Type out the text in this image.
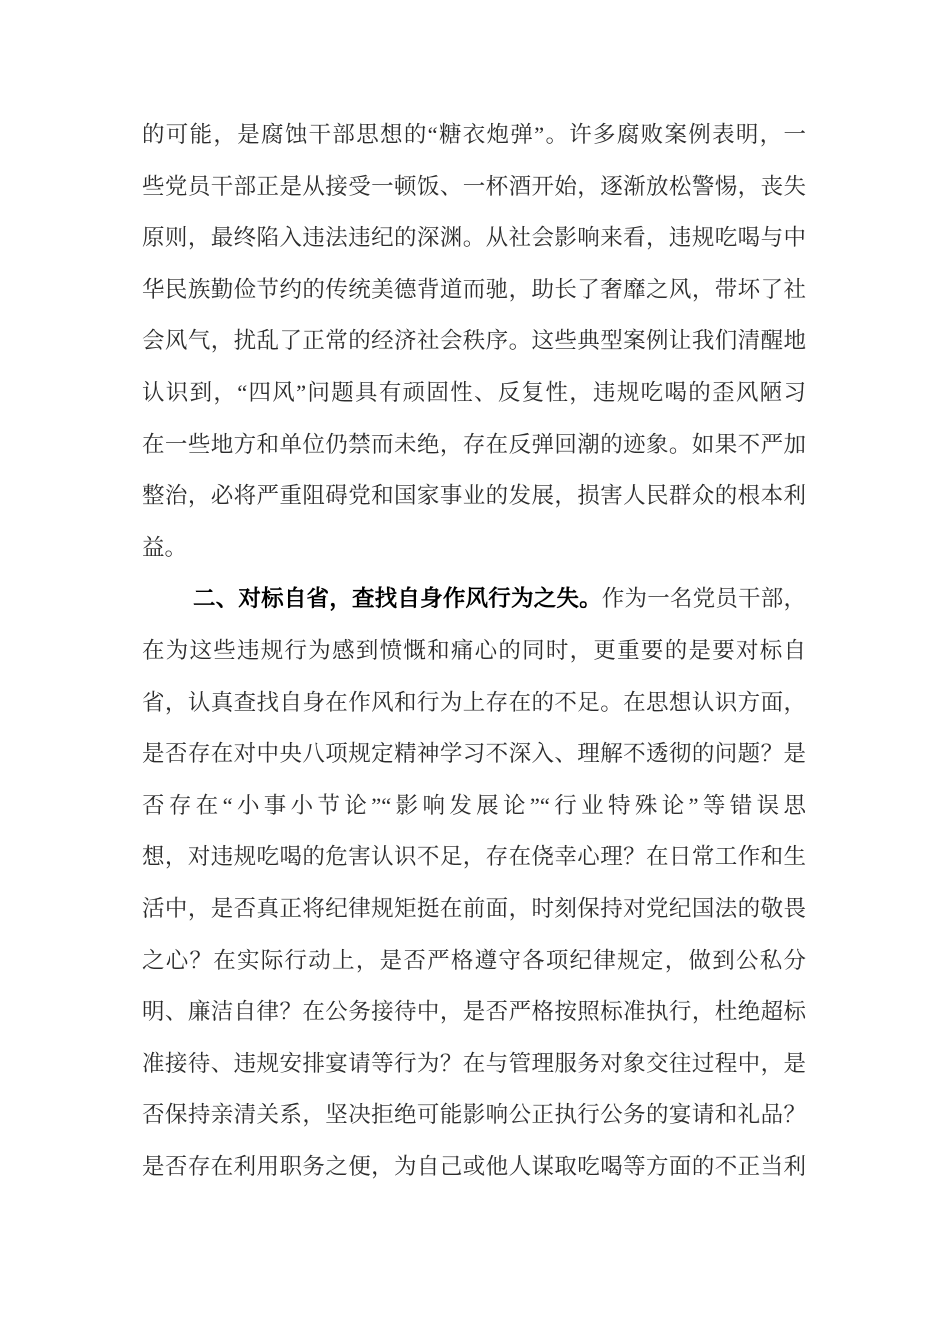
的可能，是腐蚀干部思想的“糖衣炮弹”。许多腐败案例表明，一
些党员干部正是从接受一顿饭、一杯酒开始，逐渐放松警惕，丧失
原则，最终陷入违法违纪的深渊。从社会影响来看，违规吃喝与中
华民族勤俭节约的传统美德背道而驰，助长了奢靡之风，带坏了社
会风气，扰乱了正常的经济社会秩序。这些典型案例让我们清醒地
认识到，“四风”问题具有顽固性、反复性，违规吃喝的歪风陋习
在一些地方和单位仍禁而未绝，存在反弹回潮的迹象。如果不严加
整治，必将严重阻碍党和国家事业的发展，损害人民群众的根本利
益。
二、对标自省，查找自身作风行为之失。作为一名党员干部，
在为这些违规行为感到愤慨和痛心的同时，更重要的是要对标自
省，认真查找自身在作风和行为上存在的不足。在思想认识方面，
是否存在对中央八项规定精神学习不深入、理解不透彻的问题？是
否存在“小事小节论”“影响发展论”“行业特殊论”等错误思
想，对违规吃喝的危害认识不足，存在侥幸心理？在日常工作和生
活中，是否真正将纪律规矩挺在前面，时刻保持对党纪国法的敬畏
之心？在实际行动上，是否严格遵守各项纪律规定，做到公私分
明、廉洁自律？在公务接待中，是否严格按照标准执行，杜绝超标
准接待、违规安排宴请等行为？在与管理服务对象交往过程中，是
否保持亲清关系，坚决拒绝可能影响公正执行公务的宴请和礼品？
是否存在利用职务之便，为自己或他人谋取吃喝等方面的不正当利
